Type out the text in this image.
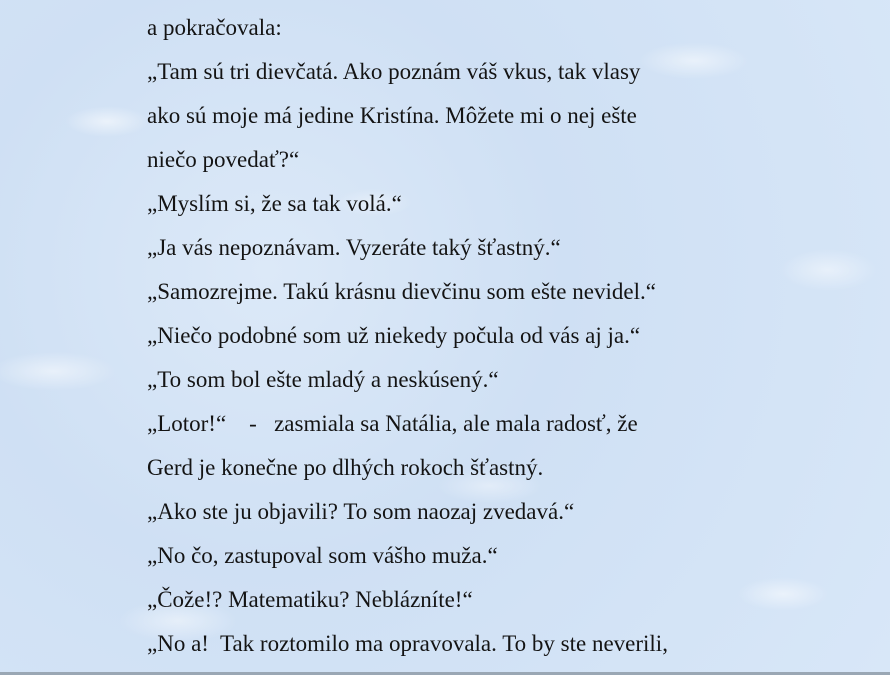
a pokračovala:
„Tam sú tri dievčatá. Ako poznám váš vkus, tak vlasy
ako sú moje má jedine Kristína. Môžete mi o nej ešte
niečo povedať?“
„Myslím si, že sa tak volá.“
„Ja vás nepoznávam. Vyzeráte taký šťastný.“
„Samozrejme. Takú krásnu dievčinu som ešte nevidel.“
„Niečo podobné som už niekedy počula od vás aj ja.“
„To som bol ešte mladý a neskúsený.“
„Lotor!“    -   zasmiala sa Natália, ale mala radosť, že
Gerd je konečne po dlhých rokoch šťastný.
„Ako ste ju objavili? To som naozaj zvedavá.“
„No čo, zastupoval som vášho muža.“
„Čože!? Matematiku? Neblázníte!“
„No a!  Tak roztomilo ma opravovala. To by ste neverili,
